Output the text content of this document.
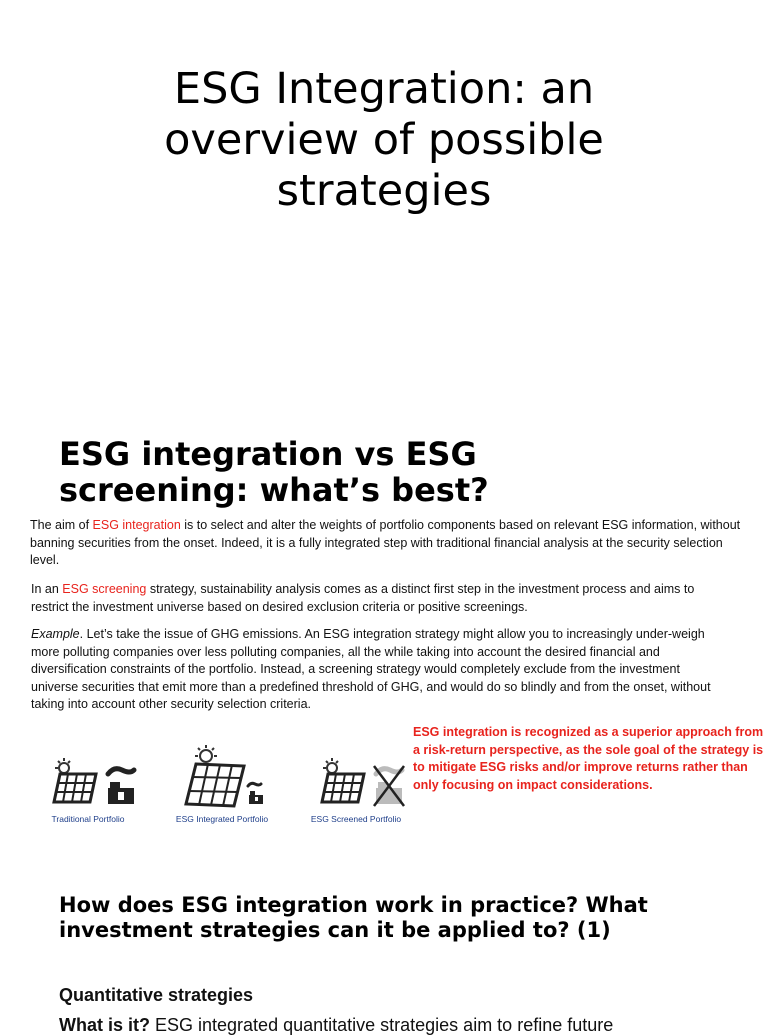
ESG Integration: an
overview of possible
strategies
ESG integration vs ESG
screening: what’s best?
The aim of ESG integration is to select and alter the weights of portfolio components based on relevant ESG information, without banning securities from the onset. Indeed, it is a fully integrated step with traditional financial analysis at the security selection level.
In an ESG screening strategy, sustainability analysis comes as a distinct first step in the investment process and aims to restrict the investment universe based on desired exclusion criteria or positive screenings.
Example. Let’s take the issue of GHG emissions. An ESG integration strategy might allow you to increasingly under-weigh more polluting companies over less polluting companies, all the while taking into account the desired financial and diversification constraints of the portfolio. Instead, a screening strategy would completely exclude from the investment universe securities that emit more than a predefined threshold of GHG, and would do so blindly and from the onset, without taking into account other security selection criteria.
Traditional Portfolio	ESG Integrated Portfolio	ESG Screened Portfolio
ESG integration is recognized as a superior approach from a risk-return perspective, as the sole goal of the strategy is to mitigate ESG risks and/or improve returns rather than only focusing on impact considerations.
How does ESG integration work in practice? What investment strategies can it be applied to? (1)
Quantitative strategies
What is it? ESG integrated quantitative strategies aim to refine future
